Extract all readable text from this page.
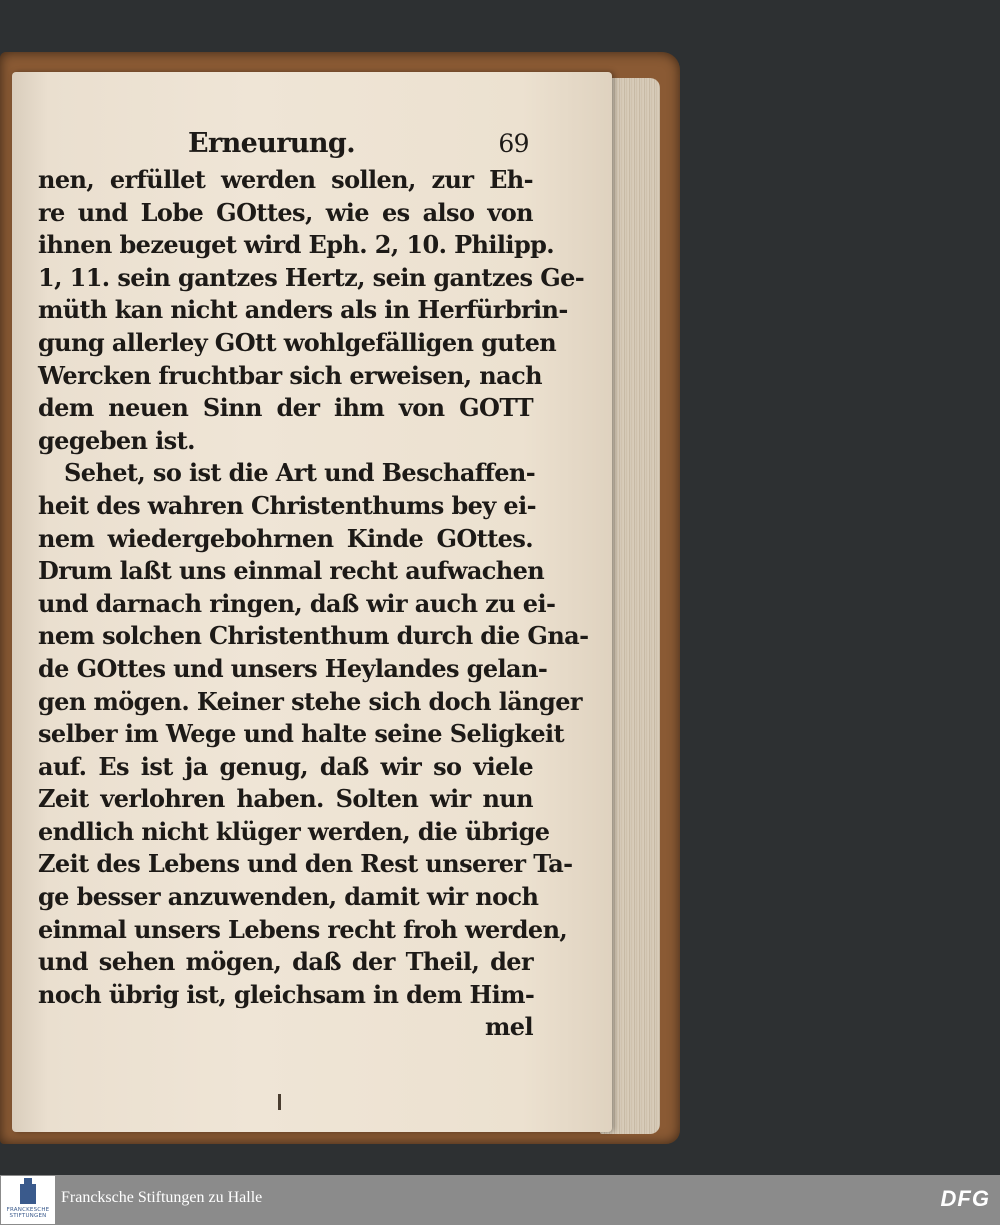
Erneurung.	69
nen, erfüllet werden sollen, zur Eh-
re und Lobe GOttes, wie es also von
ihnen bezeuget wird Eph. 2, 10. Philipp.
1, 11. sein gantzes Hertz, sein gantzes Ge-
müth kan nicht anders als in Herfürbrin-
gung allerley GOtt wohlgefälligen guten
Wercken fruchtbar sich erweisen, nach
dem neuen Sinn der ihm von GOTT
gegeben ist.
Sehet, so ist die Art und Beschaffen-
heit des wahren Christenthums bey ei-
nem wiedergebohrnen Kinde GOttes.
Drum laßt uns einmal recht aufwachen
und darnach ringen, daß wir auch zu ei-
nem solchen Christenthum durch die Gna-
de GOttes und unsers Heylandes gelan-
gen mögen. Keiner stehe sich doch länger
selber im Wege und halte seine Seligkeit
auf. Es ist ja genug, daß wir so viele
Zeit verlohren haben. Solten wir nun
endlich nicht klüger werden, die übrige
Zeit des Lebens und den Rest unserer Ta-
ge besser anzuwenden, damit wir noch
einmal unsers Lebens recht froh werden,
und sehen mögen, daß der Theil, der
noch übrig ist, gleichsam in dem Him-
mel
FRANCKESCHE STIFTUNGEN
Francksche Stiftungen zu Halle	DFG
